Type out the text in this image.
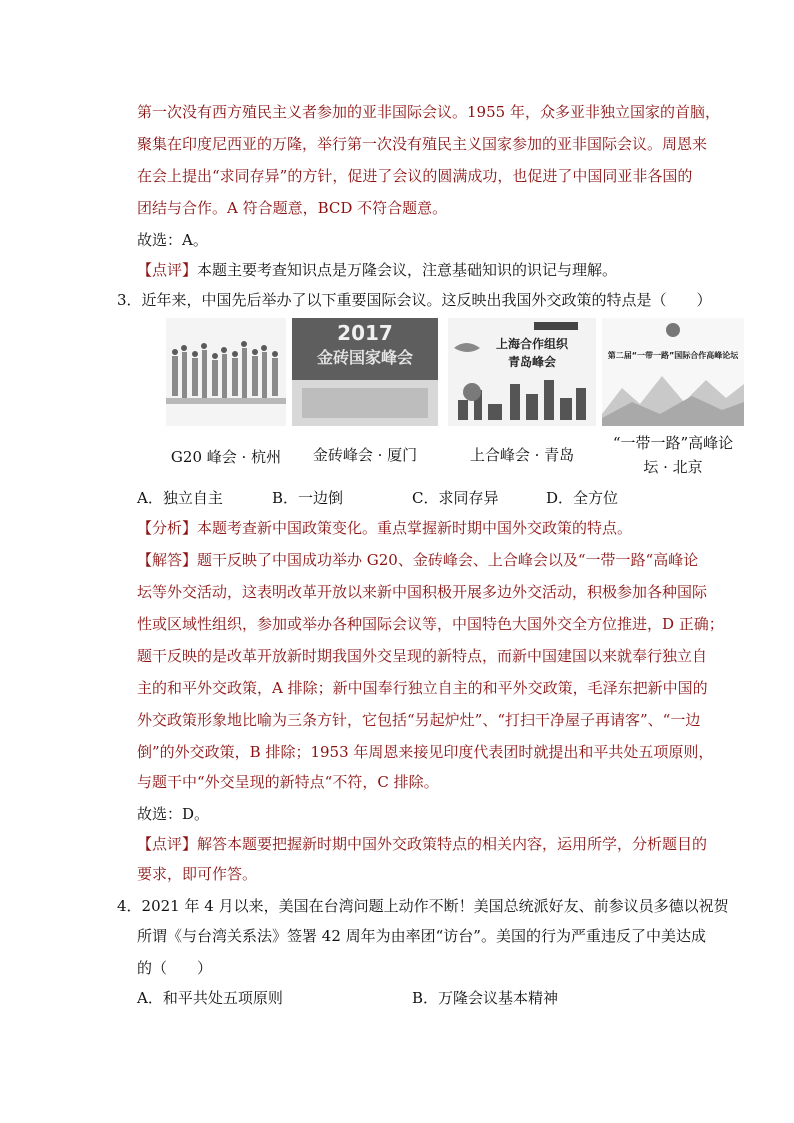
第一次没有西方殖民主义者参加的亚非国际会议。1955 年，众多亚非独立国家的首脑，
聚集在印度尼西亚的万隆，举行第一次没有殖民主义国家参加的亚非国际会议。周恩来
在会上提出“求同存异”的方针，促进了会议的圆满成功，也促进了中国同亚非各国的
团结与合作。A 符合题意，BCD 不符合题意。
故选：A。
【点评】本题主要考查知识点是万隆会议，注意基础知识的识记与理解。
3．近年来，中国先后举办了以下重要国际会议。这反映出我国外交政策的特点是（　　）
2017
金砖国家峰会
上海合作组织
青岛峰会	第二届“一带一路”国际合作高峰论坛
G20 峰会 · 杭州	金砖峰会 · 厦门	上合峰会 · 青岛
“一带一路”高峰论
坛 · 北京
A．独立自主	B．一边倒	C．求同存异	D．全方位
【分析】本题考查新中国政策变化。重点掌握新时期中国外交政策的特点。
【解答】题干反映了中国成功举办 G20、金砖峰会、上合峰会以及“一带一路“高峰论
坛等外交活动，这表明改革开放以来新中国积极开展多边外交活动，积极参加各种国际
性或区域性组织，参加或举办各种国际会议等，中国特色大国外交全方位推进，D 正确；
题干反映的是改革开放新时期我国外交呈现的新特点，而新中国建国以来就奉行独立自
主的和平外交政策，A 排除；新中国奉行独立自主的和平外交政策，毛泽东把新中国的
外交政策形象地比喻为三条方针，它包括“另起炉灶”、“打扫干净屋子再请客”、“一边
倒”的外交政策，B 排除；1953 年周恩来接见印度代表团时就提出和平共处五项原则，
与题干中“外交呈现的新特点“不符，C 排除。
故选：D。
【点评】解答本题要把握新时期中国外交政策特点的相关内容，运用所学，分析题目的
要求，即可作答。
4．2021 年 4 月以来，美国在台湾问题上动作不断！美国总统派好友、前参议员多德以祝贺
所谓《与台湾关系法》签署 42 周年为由率团“访台”。美国的行为严重违反了中美达成
的（　　）
A．和平共处五项原则	B．万隆会议基本精神
